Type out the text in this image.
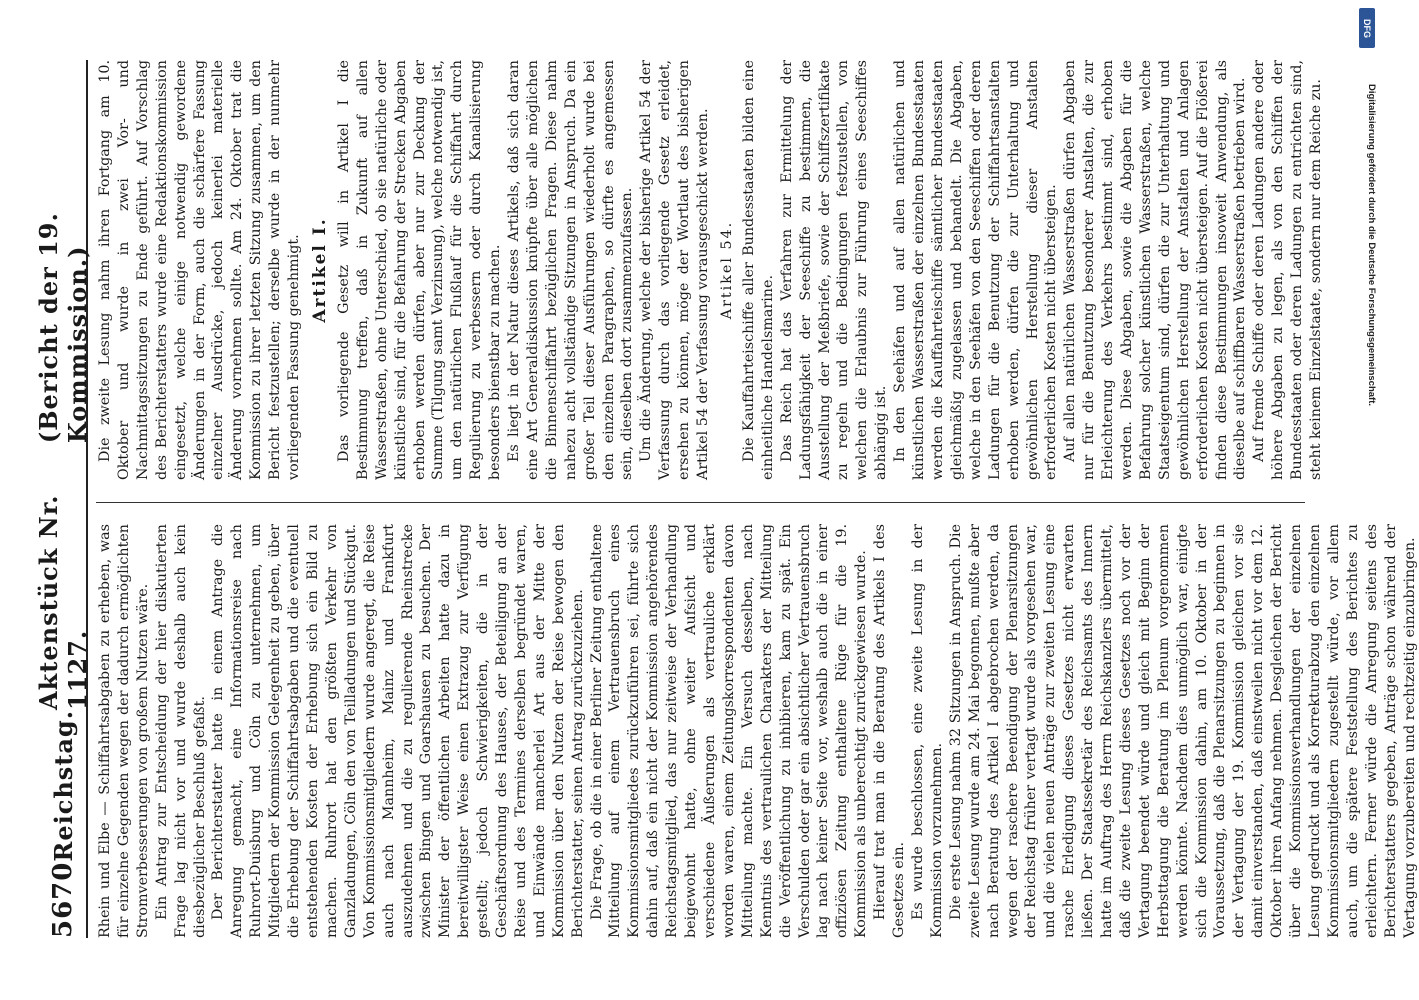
5670
Reichstag.
Aktenstück Nr. 1127.
(Bericht der 19. Kommission.)

Rhein und Elbe — Schiffahrtsabgaben zu erheben, was für einzelne Gegenden wegen der dadurch ermöglichten Stromverbesserungen von großem Nutzen wäre. Ein Antrag zur Entscheidung der hier diskutierten Frage lag nicht vor und wurde deshalb auch kein diesbezüglicher Beschluß gefaßt. Der Berichterstatter hatte in einem Antrage die Anregung gemacht, eine Informationsreise nach Ruhrort-Duisburg und Cöln zu unternehmen, um Mitgliedern der Kommission Gelegenheit zu geben, über die Erhebung der Schiffahrtsabgaben und die eventuell entstehenden Kosten der Erhebung sich ein Bild zu machen. Ruhrort hat den größten Verkehr von Ganzladungen, Cöln den von Teilladungen und Stückgut. Von Kommissionsmitgliedern wurde angeregt, die Reise auch nach Mannheim, Mainz und Frankfurt auszudehnen und die zu regulierende Rheinstrecke zwischen Bingen und Goarshausen zu besuchen. Der Minister der öffentlichen Arbeiten hatte dazu in bereitwilligster Weise einen Extrazug zur Verfügung gestellt; jedoch Schwierigkeiten, die in der Geschäftsordnung des Hauses, der Beteiligung an der Reise und des Termines derselben begründet waren, und Einwände mancherlei Art aus der Mitte der Kommission über den Nutzen der Reise bewogen den Berichterstatter, seinen Antrag zurückzuziehen. Die Frage, ob die in einer Berliner Zeitung enthaltene Mitteilung auf einem Vertrauensbruch eines Kommissionsmitgliedes zurückzuführen sei, führte sich dahin auf, daß ein nicht der Kommission angehörendes Reichstagsmitglied, das nur zeitweise der Verhandlung beigewohnt hatte, ohne weiter Aufsicht und verschiedene Äußerungen als vertrauliche erklärt worden waren, einem Zeitungskorrespondenten davon Mitteilung machte. Ein Versuch desselben, nach Kenntnis des vertraulichen Charakters der Mitteilung die Veröffentlichung zu inhibieren, kam zu spät. Ein Verschulden oder gar ein absichtlicher Vertrauensbruch lag nach keiner Seite vor, weshalb auch die in einer offiziösen Zeitung enthaltene Rüge für die 19. Kommission als unberechtigt zurückgewiesen wurde. Hierauf trat man in die Beratung des Artikels I des Gesetzes ein. Es wurde beschlossen, eine zweite Lesung in der Kommission vorzunehmen. Die erste Lesung nahm 32 Sitzungen in Anspruch. Die zweite Lesung wurde am 24. Mai begonnen, mußte aber nach Beratung des Artikel I abgebrochen werden, da wegen der raschere Beendigung der Plenarsitzungen der Reichstag früher vertagt wurde als vorgesehen war, und die vielen neuen Anträge zur zweiten Lesung eine rasche Erledigung dieses Gesetzes nicht erwarten ließen. Der Staatssekretär des Reichsamts des Innern hatte im Auftrag des Herrn Reichskanzlers übermittelt, daß die zweite Lesung dieses Gesetzes noch vor der Vertagung beendet würde und gleich mit Beginn der Herbsttagung die Beratung im Plenum vorgenommen werden könnte. Nachdem dies unmöglich war, einigte sich die Kommission dahin, am 10. Oktober in der Voraussetzung, daß die Plenarsitzungen zu beginnen in der Vertagung der 19. Kommission gleichen vor sie damit einverstanden, daß einstweilen nicht vor dem 12. Oktober ihren Anfang nehmen. Desgleichen der Bericht über die Kommissionsverhandlungen der einzelnen Lesung gedruckt und als Korrekturabzug den einzelnen Kommissionsmitgliedern zugestellt würde, vor allem auch, um die spätere Feststellung des Berichtes zu erleichtern. Ferner würde die Anregung seitens des Berichterstatters gegeben, Anträge schon während der Vertagung vorzubereiten und rechtzeitig einzubringen.

Die zweite Lesung nahm ihren Fortgang am 10. Oktober und wurde in zwei Vor- und Nachmittagssitzungen zu Ende geführt. Auf Vorschlag des Berichterstatters wurde eine Redaktionskommission eingesetzt, welche einige notwendig gewordene Änderungen in der Form, auch die schärfere Fassung einzelner Ausdrücke, jedoch keinerlei materielle Änderung vornehmen sollte. Am 24. Oktober trat die Kommission zu ihrer letzten Sitzung zusammen, um den Bericht festzustellen; derselbe wurde in der nunmehr vorliegenden Fassung genehmigt. Artikel I. Das vorliegende Gesetz will in Artikel I die Bestimmung treffen, daß in Zukunft auf allen Wasserstraßen, ohne Unterschied, ob sie natürliche oder künstliche sind, für die Befahrung der Strecken Abgaben erhoben werden dürfen, aber nur zur Deckung der Summe (Tilgung samt Verzinsung), welche notwendig ist, um den natürlichen Flußlauf für die Schiffahrt durch Regulierung zu verbessern oder durch Kanalisierung besonders bienstbar zu machen. Es liegt in der Natur dieses Artikels, daß sich daran eine Art Generaldiskussion knüpfte über alle möglichen die Binnenschiffahrt bezüglichen Fragen. Diese nahm nahezu acht vollständige Sitzungen in Anspruch. Da ein großer Teil dieser Ausführungen wiederholt wurde bei den einzelnen Paragraphen, so dürfte es angemessen sein, dieselben dort zusammenzufassen. Um die Änderung, welche der bisherige Artikel 54 der Verfassung durch das vorliegende Gesetz erleidet, ersehen zu können, möge der Wortlaut des bisherigen Artikel 54 der Verfassung vorausgeschickt werden. Artikel 54. Die Kauffahrteischiffe aller Bundesstaaten bilden eine einheitliche Handelsmarine. Das Reich hat das Verfahren zur Ermittelung der Ladungsfähigkeit der Seeschiffe zu bestimmen, die Ausstellung der Meßbriefe, sowie der Schiffszertifikate zu regeln und die Bedingungen festzustellen, von welchen die Erlaubnis zur Führung eines Seeschiffes abhängig ist. In den Seehäfen und auf allen natürlichen und künstlichen Wasserstraßen der einzelnen Bundesstaaten werden die Kauffahrteischiffe sämtlicher Bundesstaaten gleichmäßig zugelassen und behandelt. Die Abgaben, welche in den Seehäfen von den Seeschiffen oder deren Ladungen für die Benutzung der Schiffahrtsanstalten erhoben werden, dürfen die zur Unterhaltung und gewöhnlichen Herstellung dieser Anstalten erforderlichen Kosten nicht übersteigen. Auf allen natürlichen Wasserstraßen dürfen Abgaben nur für die Benutzung besonderer Anstalten, die zur Erleichterung des Verkehrs bestimmt sind, erhoben werden. Diese Abgaben, sowie die Abgaben für die Befahrung solcher künstlichen Wasserstraßen, welche Staatseigentum sind, dürfen die zur Unterhaltung und gewöhnlichen Herstellung der Anstalten und Anlagen erforderlichen Kosten nicht übersteigen. Auf die Flößerei finden diese Bestimmungen insoweit Anwendung, als dieselbe auf schiffbaren Wasserstraßen betrieben wird. Auf fremde Schiffe oder deren Ladungen andere oder höhere Abgaben zu legen, als von den Schiffen der Bundesstaaten oder deren Ladungen zu entrichten sind, steht keinem Einzelstaate, sondern nur dem Reiche zu.

DFG
Digitalisierung gefördert durch die Deutsche Forschungsgemeinschaft.
